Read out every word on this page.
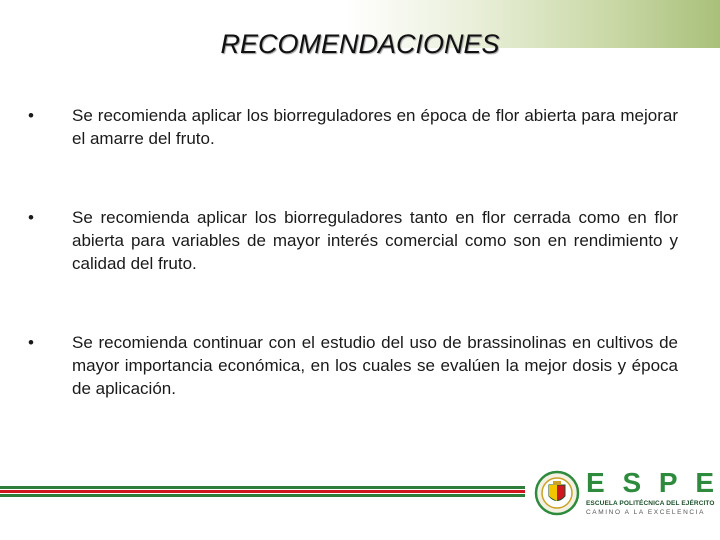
RECOMENDACIONES
•	Se recomienda aplicar los biorreguladores en época de flor abierta para mejorar el amarre del fruto.
•	Se recomienda aplicar los biorreguladores tanto en flor cerrada como en flor abierta para variables de mayor interés comercial como son en rendimiento y calidad del fruto.
•	Se recomienda continuar con el estudio del uso de brassinolinas en cultivos de mayor importancia económica, en los cuales se evalúen la mejor dosis y época de aplicación.
E S P E
ESCUELA POLITÉCNICA DEL EJÉRCITO
CAMINO A LA EXCELENCIA
